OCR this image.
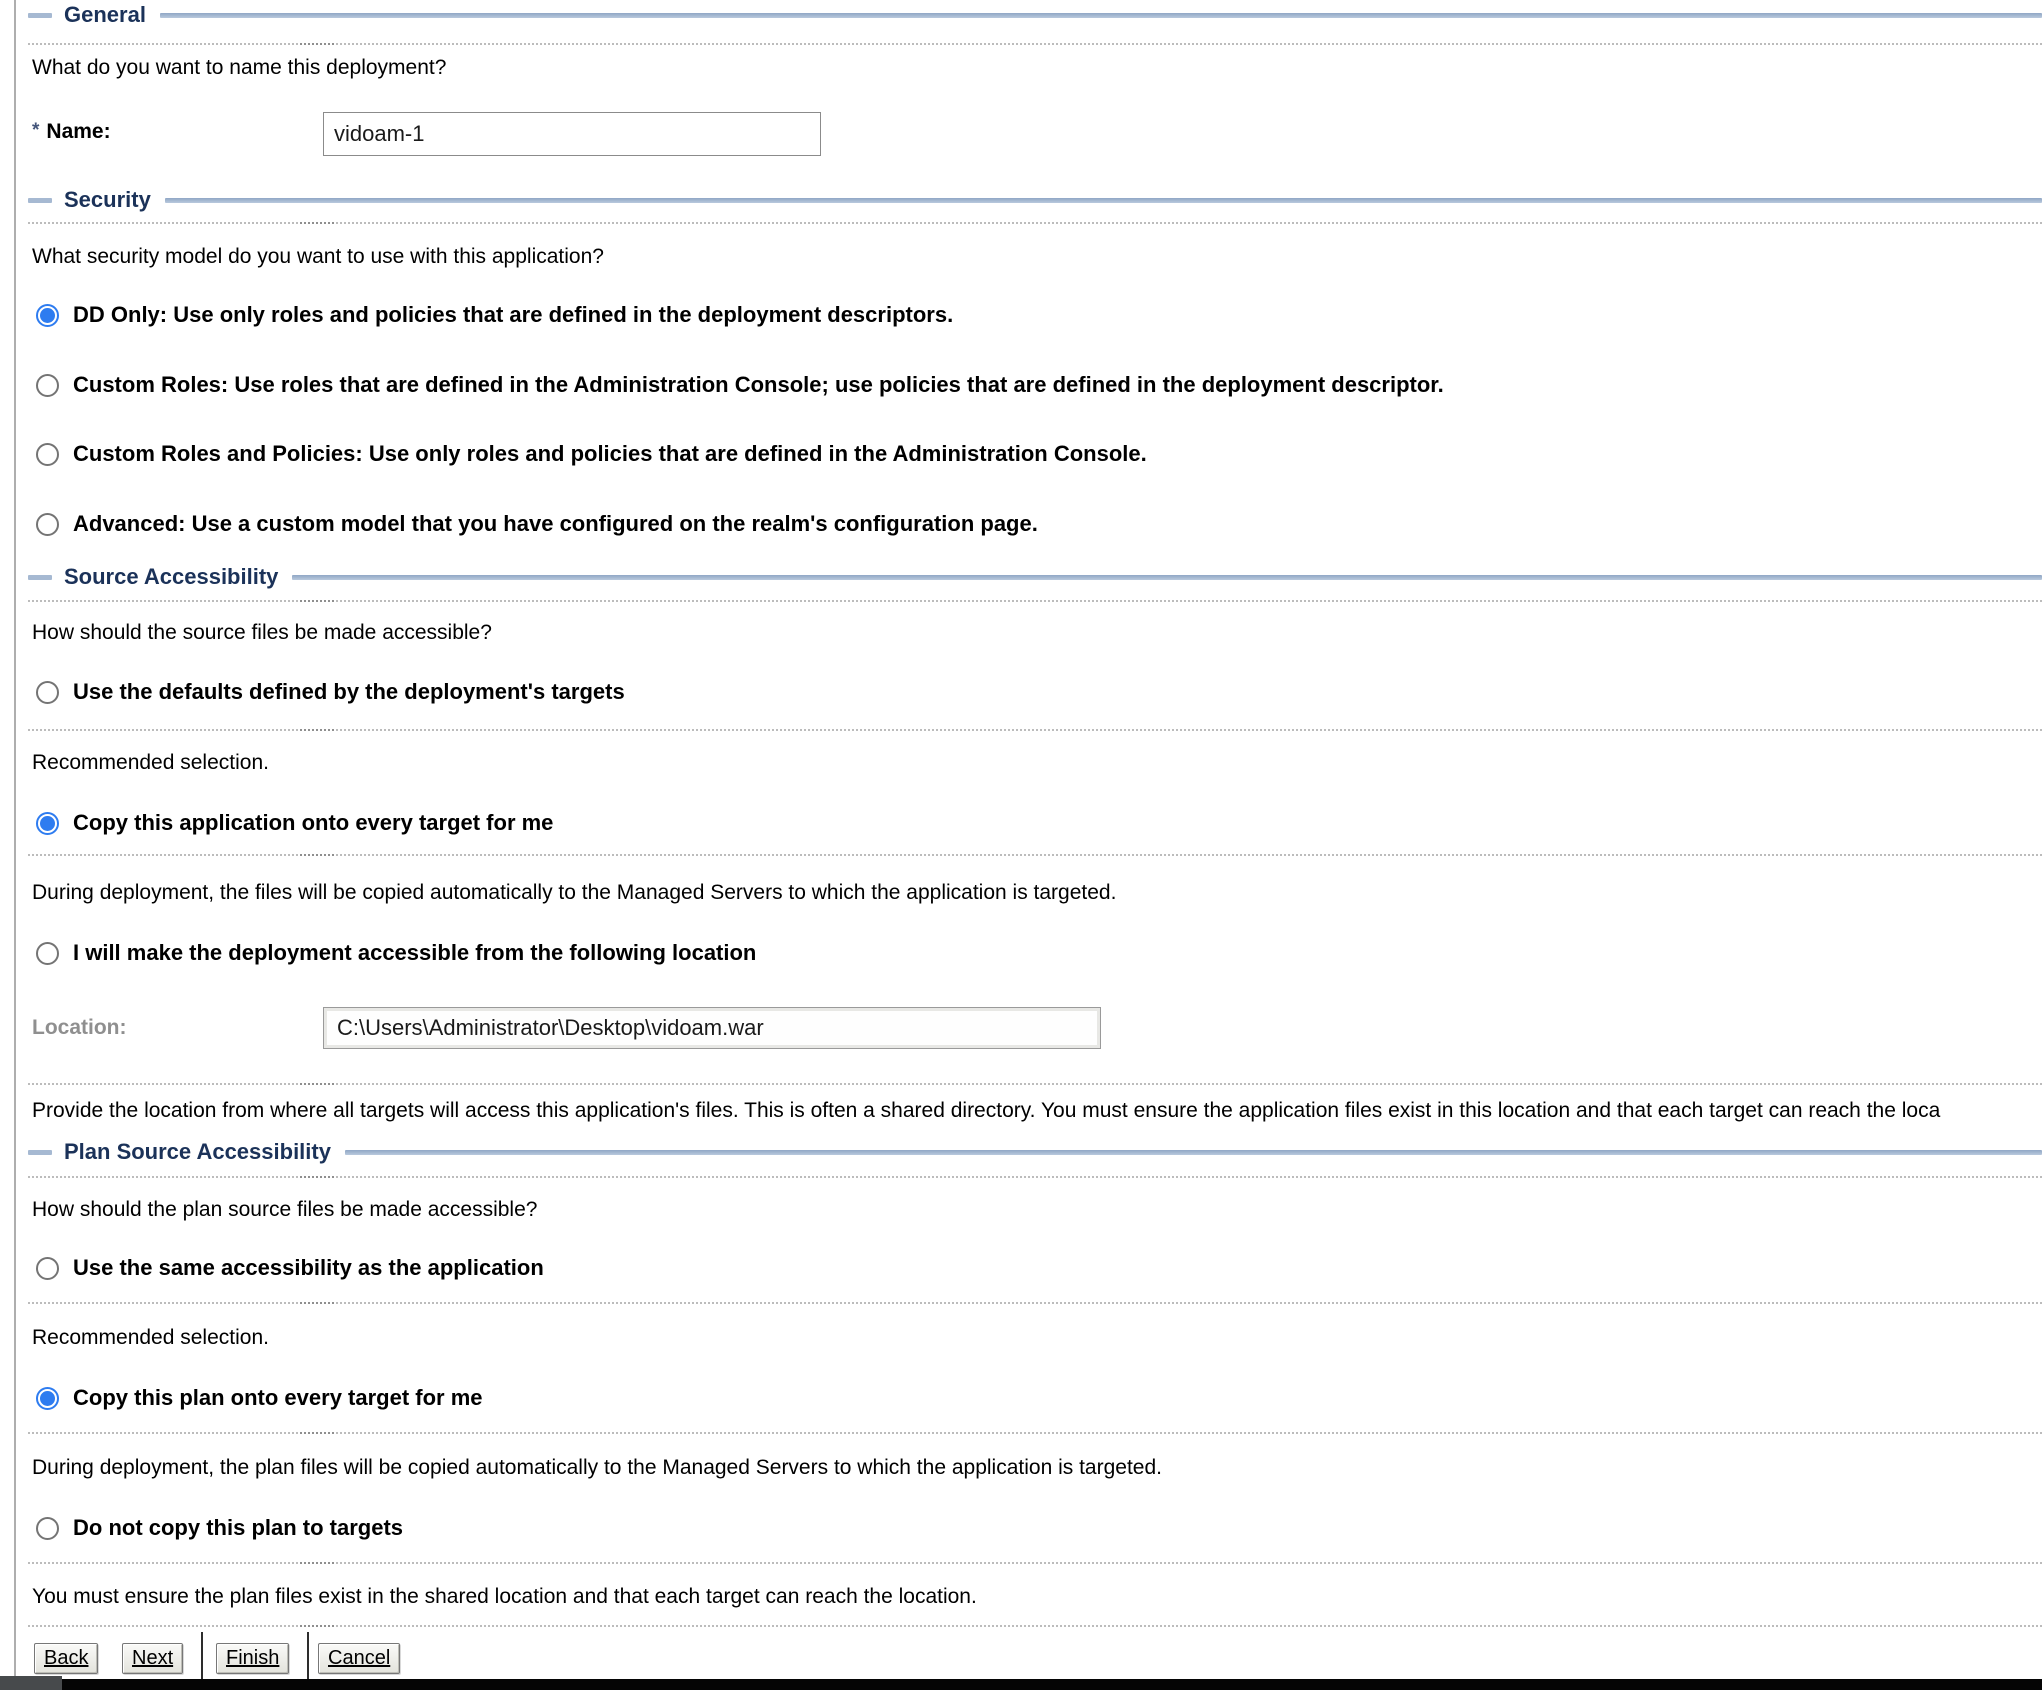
General
What do you want to name this deployment?
* Name:
vidoam-1
Security
What security model do you want to use with this application?
DD Only: Use only roles and policies that are defined in the deployment descriptors.
Custom Roles: Use roles that are defined in the Administration Console; use policies that are defined in the deployment descriptor.
Custom Roles and Policies: Use only roles and policies that are defined in the Administration Console.
Advanced: Use a custom model that you have configured on the realm's configuration page.
Source Accessibility
How should the source files be made accessible?
Use the defaults defined by the deployment's targets
Recommended selection.
Copy this application onto every target for me
During deployment, the files will be copied automatically to the Managed Servers to which the application is targeted.
I will make the deployment accessible from the following location
Location:
C:\Users\Administrator\Desktop\vidoam.war
Provide the location from where all targets will access this application's files. This is often a shared directory. You must ensure the application files exist in this location and that each target can reach the loca
Plan Source Accessibility
How should the plan source files be made accessible?
Use the same accessibility as the application
Recommended selection.
Copy this plan onto every target for me
During deployment, the plan files will be copied automatically to the Managed Servers to which the application is targeted.
Do not copy this plan to targets
You must ensure the plan files exist in the shared location and that each target can reach the location.
Back	Next	Finish	Cancel
